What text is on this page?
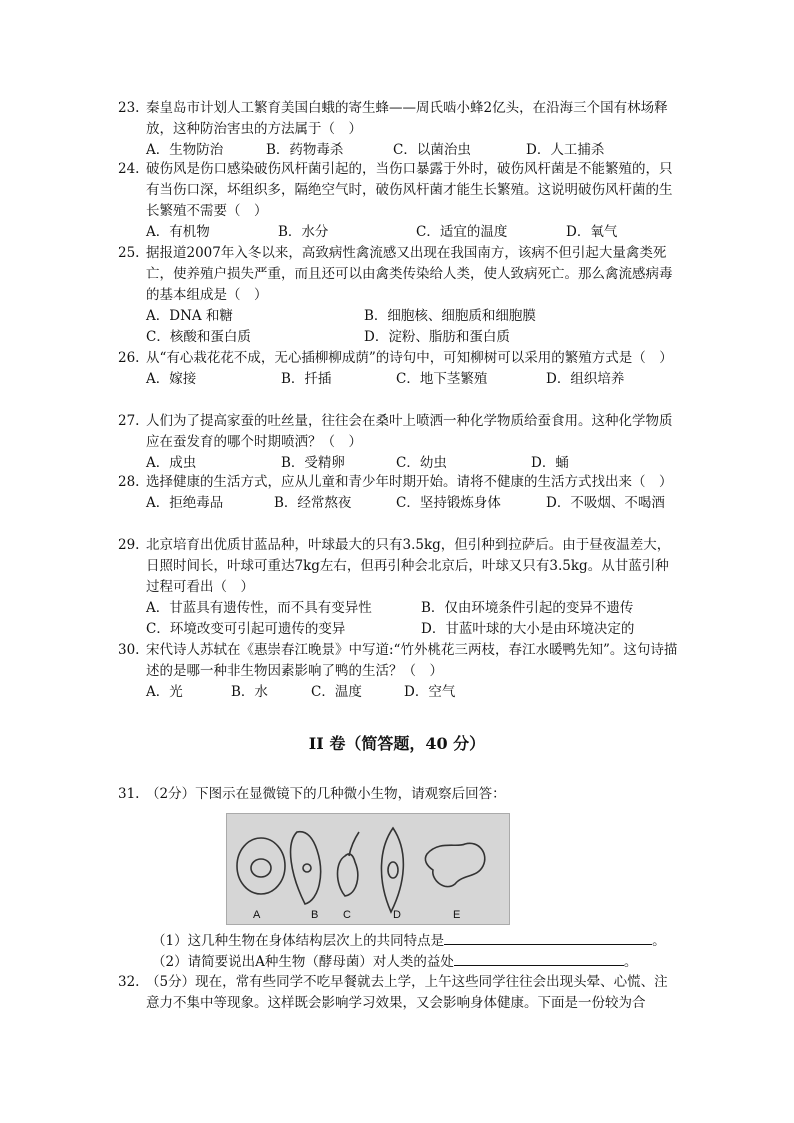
23. 秦皇岛市计划人工繁育美国白蛾的寄生蜂——周氏啮小蜂2亿头，在沿海三个国有林场释放，这种防治害虫的方法属于（　）
A．生物防治	B．药物毒杀	C．以菌治虫	D．人工捕杀
24. 破伤风是伤口感染破伤风杆菌引起的，当伤口暴露于外时，破伤风杆菌是不能繁殖的，只有当伤口深，坏组织多，隔绝空气时，破伤风杆菌才能生长繁殖。这说明破伤风杆菌的生长繁殖不需要（　）
A．有机物	B．水分	C．适宜的温度	D．氧气
25. 据报道2007年入冬以来，高致病性禽流感又出现在我国南方，该病不但引起大量禽类死亡，使养殖户损失严重，而且还可以由禽类传染给人类，使人致病死亡。那么禽流感病毒的基本组成是（　）
A．DNA 和糖	B．细胞核、细胞质和细胞膜
C．核酸和蛋白质	D．淀粉、脂肪和蛋白质
26. 从“有心栽花花不成，无心插柳柳成荫”的诗句中，可知柳树可以采用的繁殖方式是（　）
A．嫁接	B．扦插	C．地下茎繁殖	D．组织培养
27. 人们为了提高家蚕的吐丝量，往往会在桑叶上喷洒一种化学物质给蚕食用。这种化学物质应在蚕发育的哪个时期喷洒？（　）
A．成虫	B．受精卵	C．幼虫	D．蛹
28. 选择健康的生活方式，应从儿童和青少年时期开始。请将不健康的生活方式找出来（　）
A．拒绝毒品	B．经常熬夜	C．坚持锻炼身体	D．不吸烟、不喝酒
29. 北京培育出优质甘蓝品种，叶球最大的只有3.5kg，但引种到拉萨后。由于昼夜温差大，日照时间长，叶球可重达7kg左右，但再引种会北京后，叶球又只有3.5kg。从甘蓝引种过程可看出（　）
A．甘蓝具有遗传性，而不具有变异性	B．仅由环境条件引起的变异不遗传
C．环境改变可引起可遗传的变异	D．甘蓝叶球的大小是由环境决定的
30. 宋代诗人苏轼在《惠崇春江晚景》中写道:“竹外桃花三两枝，春江水暖鸭先知”。这句诗描述的是哪一种非生物因素影响了鸭的生活？（　）
A．光	B．水	C．温度	D．空气
II 卷（简答题，40 分）
31. （2分）下图示在显微镜下的几种微小生物，请观察后回答：
A	B C	D	E
（1）这几种生物在身体结构层次上的共同特点是	。
（2）请简要说出A种生物（酵母菌）对人类的益处	。
32. （5分）现在，常有些同学不吃早餐就去上学，上午这些同学往往会出现头晕、心慌、注意力不集中等现象。这样既会影响学习效果，又会影响身体健康。下面是一份较为合
